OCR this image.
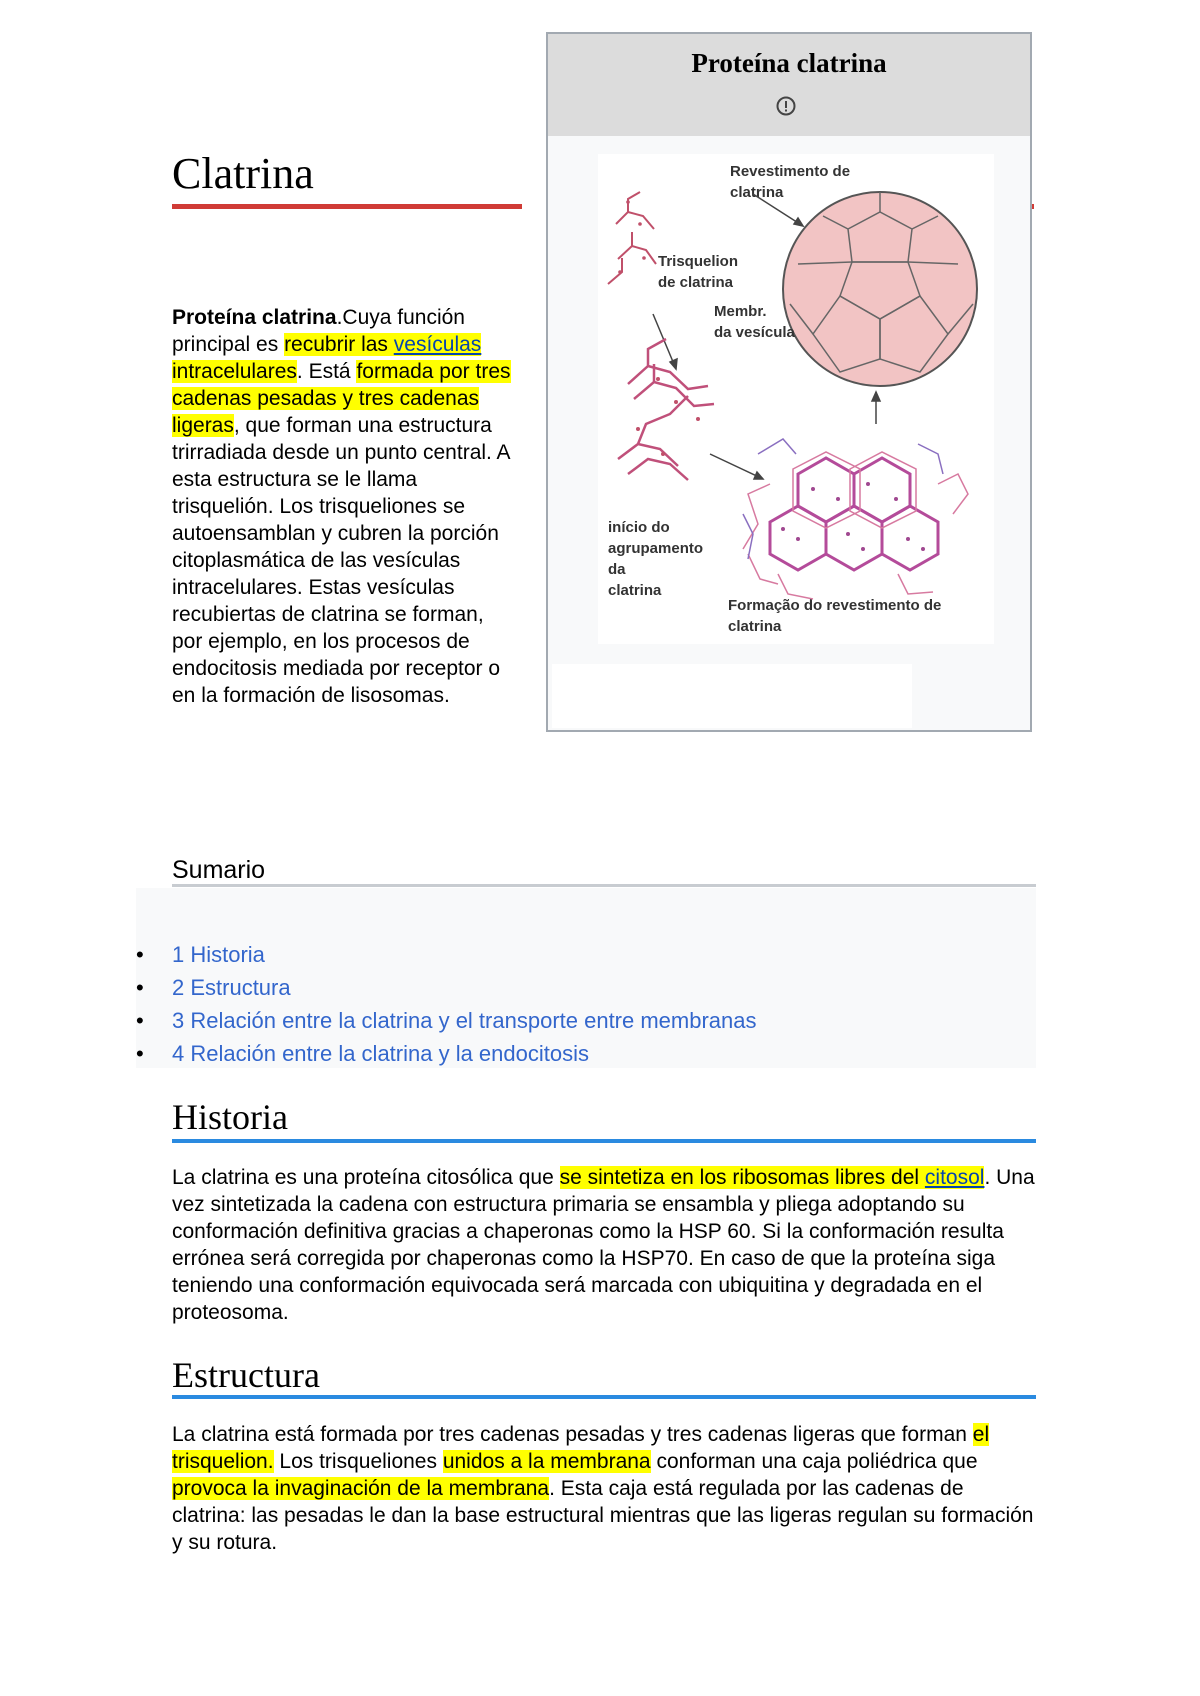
Clatrina

Proteína clatrina.Cuya función principal es recubrir las vesículas intracelulares. Está formada por tres cadenas pesadas y tres cadenas ligeras, que forman una estructura trirradiada desde un punto central. A esta estructura se le llama trisquelión. Los trisqueliones se autoensamblan y cubren la porción citoplasmática de las vesículas intracelulares. Estas vesículas recubiertas de clatrina se forman, por ejemplo, en los procesos de endocitosis mediada por receptor o en la formación de lisosomas.

Proteína clatrina
Revestimento de
clatrina
Trisquelion
de clatrina
Membr.
da vesícula
início do
agrupamento
da
clatrina
Formação do revestimento de
clatrina
Sumario
• 1 Historia
• 2 Estructura
• 3 Relación entre la clatrina y el transporte entre membranas
• 4 Relación entre la clatrina y la endocitosis
Historia

La clatrina es una proteína citosólica que se sintetiza en los ribosomas libres del citosol. Una vez sintetizada la cadena con estructura primaria se ensambla y pliega adoptando su conformación definitiva gracias a chaperonas como la HSP 60. Si la conformación resulta errónea será corregida por chaperonas como la HSP70. En caso de que la proteína siga teniendo una conformación equivocada será marcada con ubiquitina y degradada en el proteosoma.

Estructura

La clatrina está formada por tres cadenas pesadas y tres cadenas ligeras que forman el trisquelion. Los trisqueliones unidos a la membrana conforman una caja poliédrica que provoca la invaginación de la membrana. Esta caja está regulada por las cadenas de clatrina: las pesadas le dan la base estructural mientras que las ligeras regulan su formación y su rotura.
